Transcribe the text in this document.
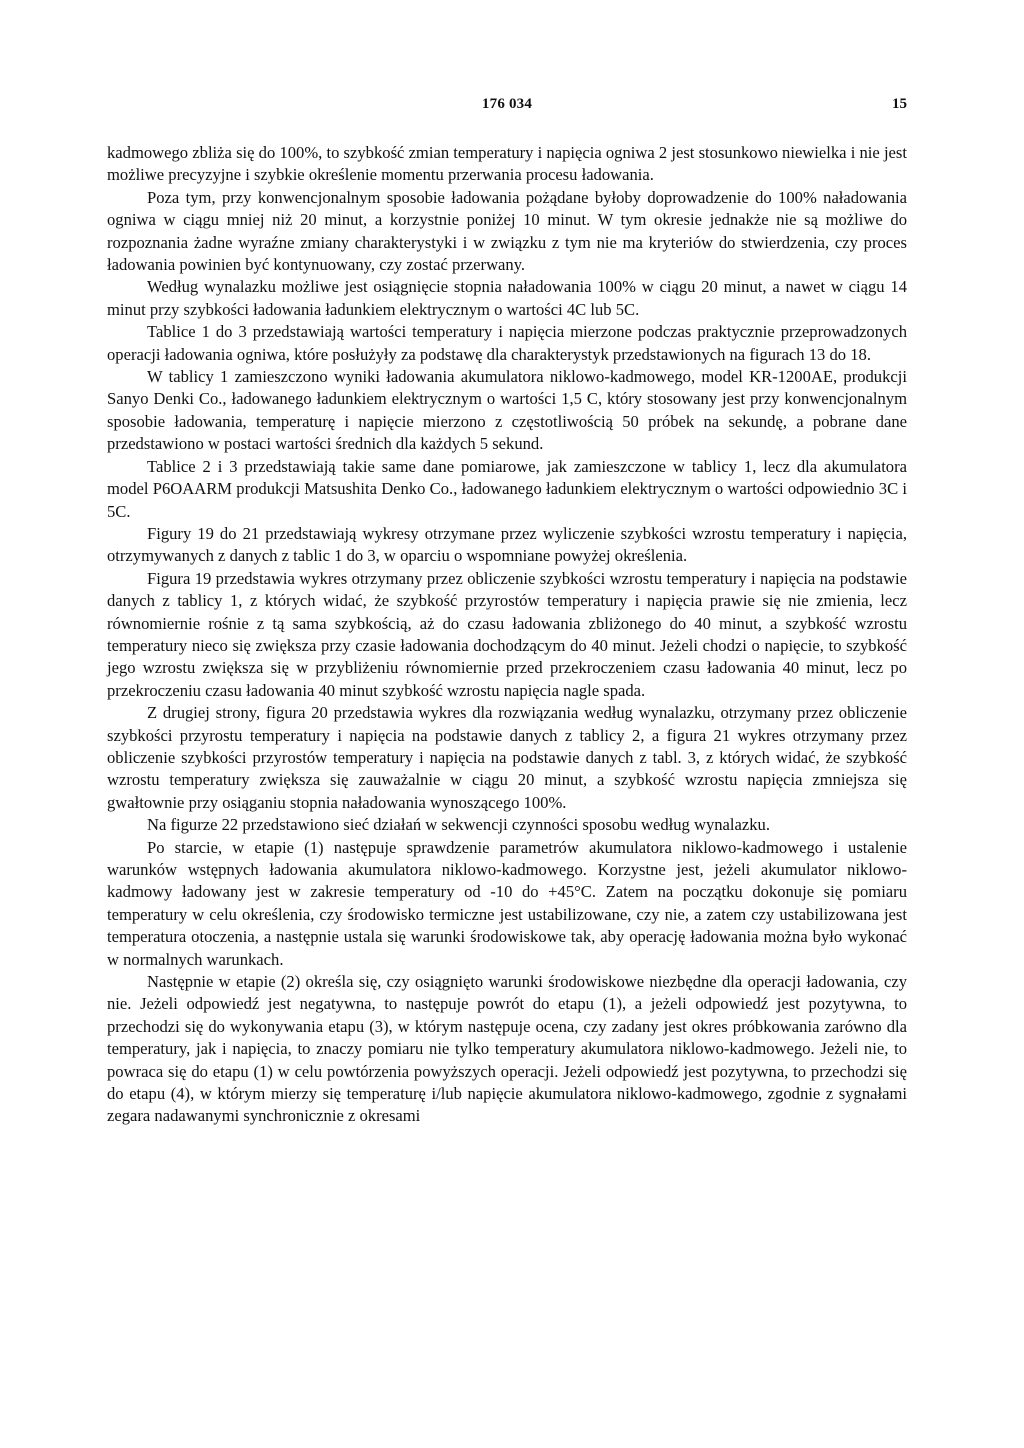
176 034	15

kadmowego zbliża się do 100%, to szybkość zmian temperatury i napięcia ogniwa 2 jest stosunkowo niewielka i nie jest możliwe precyzyjne i szybkie określenie momentu przerwania procesu ładowania.

Poza tym, przy konwencjonalnym sposobie ładowania pożądane byłoby doprowadzenie do 100% naładowania ogniwa w ciągu mniej niż 20 minut, a korzystnie poniżej 10 minut. W tym okresie jednakże nie są możliwe do rozpoznania żadne wyraźne zmiany charakterystyki i w związku z tym nie ma kryteriów do stwierdzenia, czy proces ładowania powinien być kontynuowany, czy zostać przerwany.

Według wynalazku możliwe jest osiągnięcie stopnia naładowania 100% w ciągu 20 minut, a nawet w ciągu 14 minut przy szybkości ładowania ładunkiem elektrycznym o wartości 4C lub 5C.

Tablice 1 do 3 przedstawiają wartości temperatury i napięcia mierzone podczas praktycznie przeprowadzonych operacji ładowania ogniwa, które posłużyły za podstawę dla charakterystyk przedstawionych na figurach 13 do 18.

W tablicy 1 zamieszczono wyniki ładowania akumulatora niklowo-kadmowego, model KR-1200AE, produkcji Sanyo Denki Co., ładowanego ładunkiem elektrycznym o wartości 1,5 C, który stosowany jest przy konwencjonalnym sposobie ładowania, temperaturę i napięcie mierzono z częstotliwością 50 próbek na sekundę, a pobrane dane przedstawiono w postaci wartości średnich dla każdych 5 sekund.

Tablice 2 i 3 przedstawiają takie same dane pomiarowe, jak zamieszczone w tablicy 1, lecz dla akumulatora model P6OAARM produkcji Matsushita Denko Co., ładowanego ładunkiem elektrycznym o wartości odpowiednio 3C i 5C.

Figury 19 do 21 przedstawiają wykresy otrzymane przez wyliczenie szybkości wzrostu temperatury i napięcia, otrzymywanych z danych z tablic 1 do 3, w oparciu o wspomniane powyżej określenia.

Figura 19 przedstawia wykres otrzymany przez obliczenie szybkości wzrostu temperatury i napięcia na podstawie danych z tablicy 1, z których widać, że szybkość przyrostów temperatury i napięcia prawie się nie zmienia, lecz równomiernie rośnie z tą sama szybkością, aż do czasu ładowania zbliżonego do 40 minut, a szybkość wzrostu temperatury nieco się zwiększa przy czasie ładowania dochodzącym do 40 minut. Jeżeli chodzi o napięcie, to szybkość jego wzrostu zwiększa się w przybliżeniu równomiernie przed przekroczeniem czasu ładowania 40 minut, lecz po przekroczeniu czasu ładowania 40 minut szybkość wzrostu napięcia nagle spada.

Z drugiej strony, figura 20 przedstawia wykres dla rozwiązania według wynalazku, otrzymany przez obliczenie szybkości przyrostu temperatury i napięcia na podstawie danych z tablicy 2, a figura 21 wykres otrzymany przez obliczenie szybkości przyrostów temperatury i napięcia na podstawie danych z tabl. 3, z których widać, że szybkość wzrostu temperatury zwiększa się zauważalnie w ciągu 20 minut, a szybkość wzrostu napięcia zmniejsza się gwałtownie przy osiąganiu stopnia naładowania wynoszącego 100%.

Na figurze 22 przedstawiono sieć działań w sekwencji czynności sposobu według wynalazku.

Po starcie, w etapie (1) następuje sprawdzenie parametrów akumulatora niklowo-kadmowego i ustalenie warunków wstępnych ładowania akumulatora niklowo-kadmowego. Korzystne jest, jeżeli akumulator niklowo-kadmowy ładowany jest w zakresie temperatury od -10 do +45°C. Zatem na początku dokonuje się pomiaru temperatury w celu określenia, czy środowisko termiczne jest ustabilizowane, czy nie, a zatem czy ustabilizowana jest temperatura otoczenia, a następnie ustala się warunki środowiskowe tak, aby operację ładowania można było wykonać w normalnych warunkach.

Następnie w etapie (2) określa się, czy osiągnięto warunki środowiskowe niezbędne dla operacji ładowania, czy nie. Jeżeli odpowiedź jest negatywna, to następuje powrót do etapu (1), a jeżeli odpowiedź jest pozytywna, to przechodzi się do wykonywania etapu (3), w którym następuje ocena, czy zadany jest okres próbkowania zarówno dla temperatury, jak i napięcia, to znaczy pomiaru nie tylko temperatury akumulatora niklowo-kadmowego. Jeżeli nie, to powraca się do etapu (1) w celu powtórzenia powyższych operacji. Jeżeli odpowiedź jest pozytywna, to przechodzi się do etapu (4), w którym mierzy się temperaturę i/lub napięcie akumulatora niklowo-kadmowego, zgodnie z sygnałami zegara nadawanymi synchronicznie z okresami
